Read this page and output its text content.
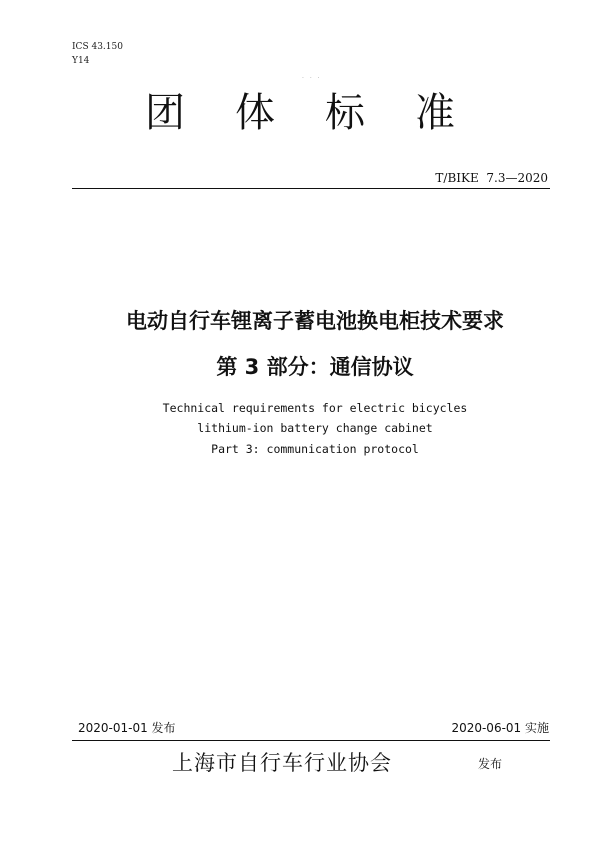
ICS 43.150
Y14
. . .
团 体 标 准
T/BIKE  7.3—2020
电动自行车锂离子蓄电池换电柜技术要求
第 3 部分：通信协议
Technical requirements for electric bicycles
lithium-ion battery change cabinet
Part 3: communication protocol
2020-01-01 发布	2020-06-01 实施
上海市自行车行业协会	发布
